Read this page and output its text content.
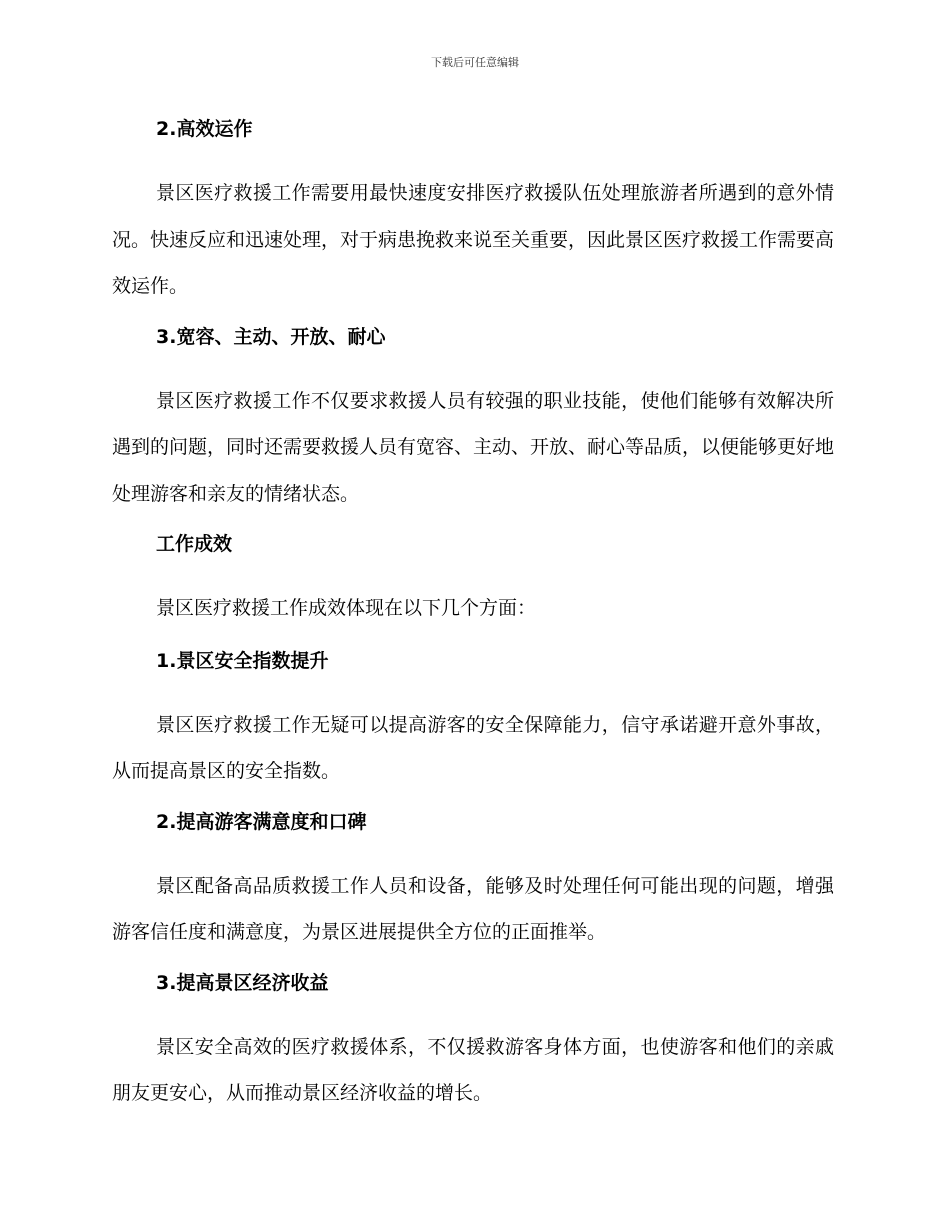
下载后可任意编辑
2.高效运作

景区医疗救援工作需要用最快速度安排医疗救援队伍处理旅游者所遇到的意外情况。快速反应和迅速处理，对于病患挽救来说至关重要，因此景区医疗救援工作需要高效运作。

3.宽容、主动、开放、耐心

景区医疗救援工作不仅要求救援人员有较强的职业技能，使他们能够有效解决所遇到的问题，同时还需要救援人员有宽容、主动、开放、耐心等品质，以便能够更好地处理游客和亲友的情绪状态。

工作成效

景区医疗救援工作成效体现在以下几个方面：

1.景区安全指数提升

景区医疗救援工作无疑可以提高游客的安全保障能力，信守承诺避开意外事故，从而提高景区的安全指数。

2.提高游客满意度和口碑

景区配备高品质救援工作人员和设备，能够及时处理任何可能出现的问题，增强游客信任度和满意度，为景区进展提供全方位的正面推举。

3.提高景区经济收益

景区安全高效的医疗救援体系，不仅援救游客身体方面，也使游客和他们的亲戚朋友更安心，从而推动景区经济收益的增长。
